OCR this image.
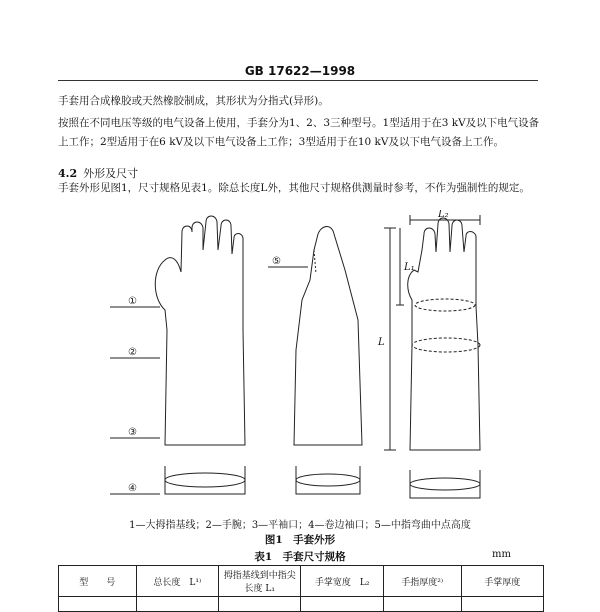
GB 17622—1998
手套用合成橡胶或天然橡胶制成，其形状为分指式(异形)。
按照在不同电压等级的电气设备上使用，手套分为1、2、3三种型号。1型适用于在3 kV及以下电气设备上工作；2型适用于在6 kV及以下电气设备上工作；3型适用于在10 kV及以下电气设备上工作。
4.2 外形及尺寸
手套外形见图1，尺寸规格见表1。除总长度L外，其他尺寸规格供测量时参考，不作为强制性的规定。
①
②
③
④
⑤
L
L₁
L₂
1—大拇指基线；2—手腕；3—平袖口；4—卷边袖口；5—中指弯曲中点高度
图1　手套外形
表1　手套尺寸规格	mm
型　　号	总长度　L¹⁾	拇指基线到中指尖长度 L₁	手掌宽度　L₂	手指厚度²⁾	手掌厚度
